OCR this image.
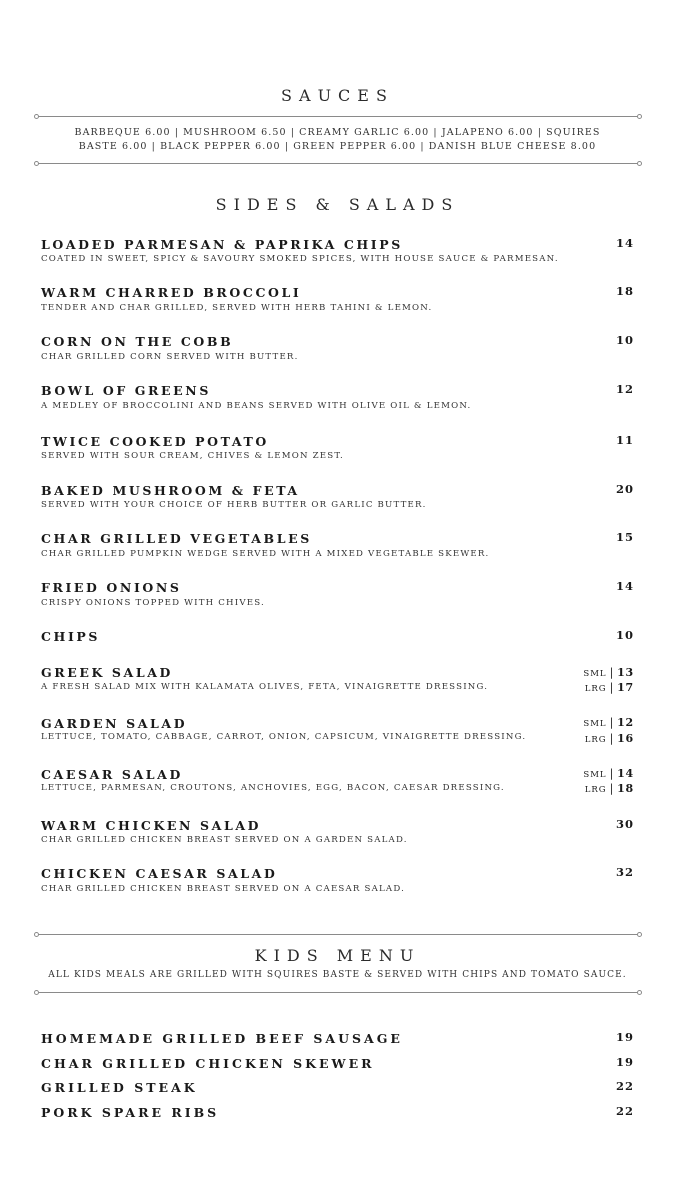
SAUCES
BARBEQUE 6.00 | MUSHROOM 6.50 | CREAMY GARLIC 6.00 | JALAPENO 6.00 | SQUIRES
BASTE 6.00 | BLACK PEPPER 6.00 | GREEN PEPPER 6.00 | DANISH BLUE CHEESE 8.00
SIDES & SALADS
LOADED PARMESAN & PAPRIKA CHIPS
COATED IN SWEET, SPICY & SAVOURY SMOKED SPICES, WITH HOUSE SAUCE & PARMESAN.
14
WARM CHARRED BROCCOLI
TENDER AND CHAR GRILLED, SERVED WITH HERB TAHINI & LEMON.
18
CORN ON THE COBB
CHAR GRILLED CORN SERVED WITH BUTTER.
10
BOWL OF GREENS
A MEDLEY OF BROCCOLINI AND BEANS SERVED WITH OLIVE OIL & LEMON.
12
TWICE COOKED POTATO
SERVED WITH SOUR CREAM, CHIVES & LEMON ZEST.
11
BAKED MUSHROOM & FETA
SERVED WITH YOUR CHOICE OF HERB BUTTER OR GARLIC BUTTER.
20
CHAR GRILLED VEGETABLES
CHAR GRILLED PUMPKIN WEDGE SERVED WITH A MIXED VEGETABLE SKEWER.
15
FRIED ONIONS
CRISPY ONIONS TOPPED WITH CHIVES.
14
CHIPS	10
GREEK SALAD
A FRESH SALAD MIX WITH KALAMATA OLIVES, FETA, VINAIGRETTE DRESSING.
SML | 13
LRG | 17
GARDEN SALAD
LETTUCE, TOMATO, CABBAGE, CARROT, ONION, CAPSICUM, VINAIGRETTE DRESSING.
SML | 12
LRG | 16
CAESAR SALAD
LETTUCE, PARMESAN, CROUTONS, ANCHOVIES, EGG, BACON, CAESAR DRESSING.
SML | 14
LRG | 18
WARM CHICKEN SALAD
CHAR GRILLED CHICKEN BREAST SERVED ON A GARDEN SALAD.
30
CHICKEN CAESAR SALAD
CHAR GRILLED CHICKEN BREAST SERVED ON A CAESAR SALAD.
32
KIDS MENU
ALL KIDS MEALS ARE GRILLED WITH SQUIRES BASTE & SERVED WITH CHIPS AND TOMATO SAUCE.
HOMEMADE GRILLED BEEF SAUSAGE	19
CHAR GRILLED CHICKEN SKEWER	19
GRILLED STEAK	22
PORK SPARE RIBS	22
